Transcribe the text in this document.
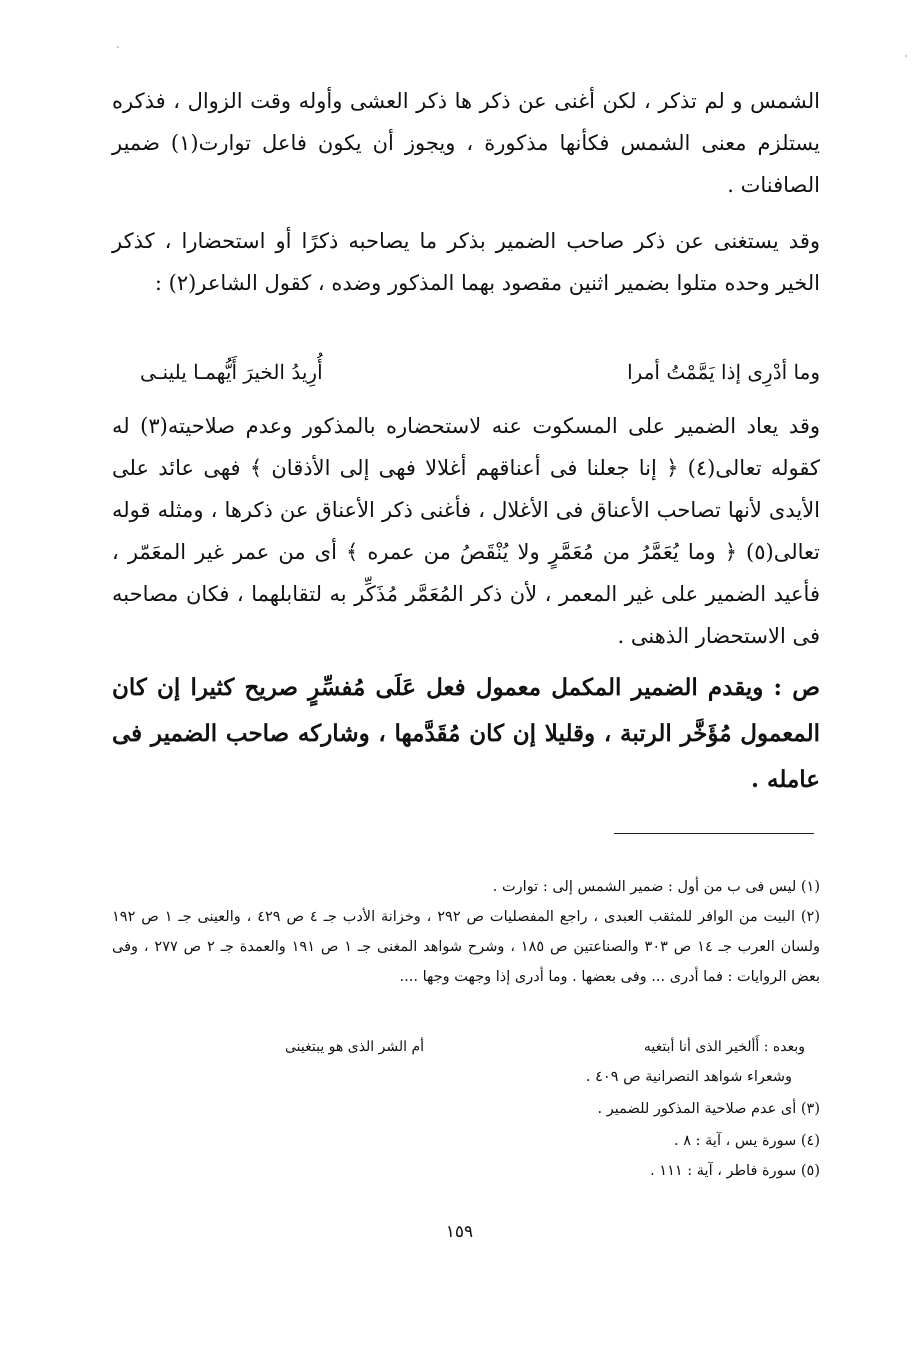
الشمس و لم تذكر ، لكن أغنى عن ذكر ها ذكر العشى وأوله وقت الزوال ، فذكره يستلزم معنى الشمس فكأنها مذكورة ، ويجوز أن يكون فاعل توارت(١) ضمير الصافنات .

وقد يستغنى عن ذكر صاحب الضمير بذكر ما يصاحبه ذكرًا أو استحضارا ، كذكر الخير وحده متلوا بضمير اثنين مقصود بهما المذكور وضده ، كقول الشاعر(٢) :

وما أدْرِى إذا يَمَّمْتُ أمرا
أُرِيدُ الخيرَ أَيُّهمـا يلينـى

وقد يعاد الضمير على المسكوت عنه لاستحضاره بالمذكور وعدم صلاحيته(٣) له كقوله تعالى(٤) ﴿ إنا جعلنا فى أعناقهم أغلالا فهى إلى الأذقان ﴾ فهى عائد على الأيدى لأنها تصاحب الأعناق فى الأغلال ، فأغنى ذكر الأعناق عن ذكرها ، ومثله قوله تعالى(٥) ﴿ وما يُعَمَّرُ من مُعَمَّرٍ ولا يُنْقَصُ من عمره ﴾ أى من عمر غير المعَمّر ، فأعيد الضمير على غير المعمر ، لأن ذكر المُعَمَّر مُذَكِّر به لتقابلهما ، فكان مصاحبه فى الاستحضار الذهنى .

ص : ويقدم الضمير المكمل معمول فعل عَلَى مُفسِّرٍ صريح كثيرا إن كان المعمول مُؤَخَّر الرتبة ، وقليلا إن كان مُقَدَّمها ، وشاركه صاحب الضمير فى عامله .

(١) ليس فى ب من أول : ضمير الشمس إلى : توارت .

(٢) البيت من الوافر للمثقب العبدى ، راجع المفصليات ص ٢٩٢ ، وخزانة الأدب جـ ٤ ص ٤٢٩ ، والعينى جـ ١ ص ١٩٢ ولسان العرب جـ ١٤ ص ٣٠٣ والصناعتين ص ١٨٥ ، وشرح شواهد المغنى جـ ١ ص ١٩١ والعمدة جـ ٢ ص ٢٧٧ ، وفى بعض الروايات : فما أدرى ... وفى بعضها . وما أدرى إذا وجهت وجها ....

وبعده : أَألخير الذى أنا أبتغيه
أم الشر الذى هو يبتغينى

وشعراء شواهد النصرانية ص ٤٠٩ .

(٣) أى عدم صلاحية المذكور للضمير .

(٤) سورة يس ، آية : ٨ .

(٥) سورة فاطر ، آية : ١١١ .

١٥٩
